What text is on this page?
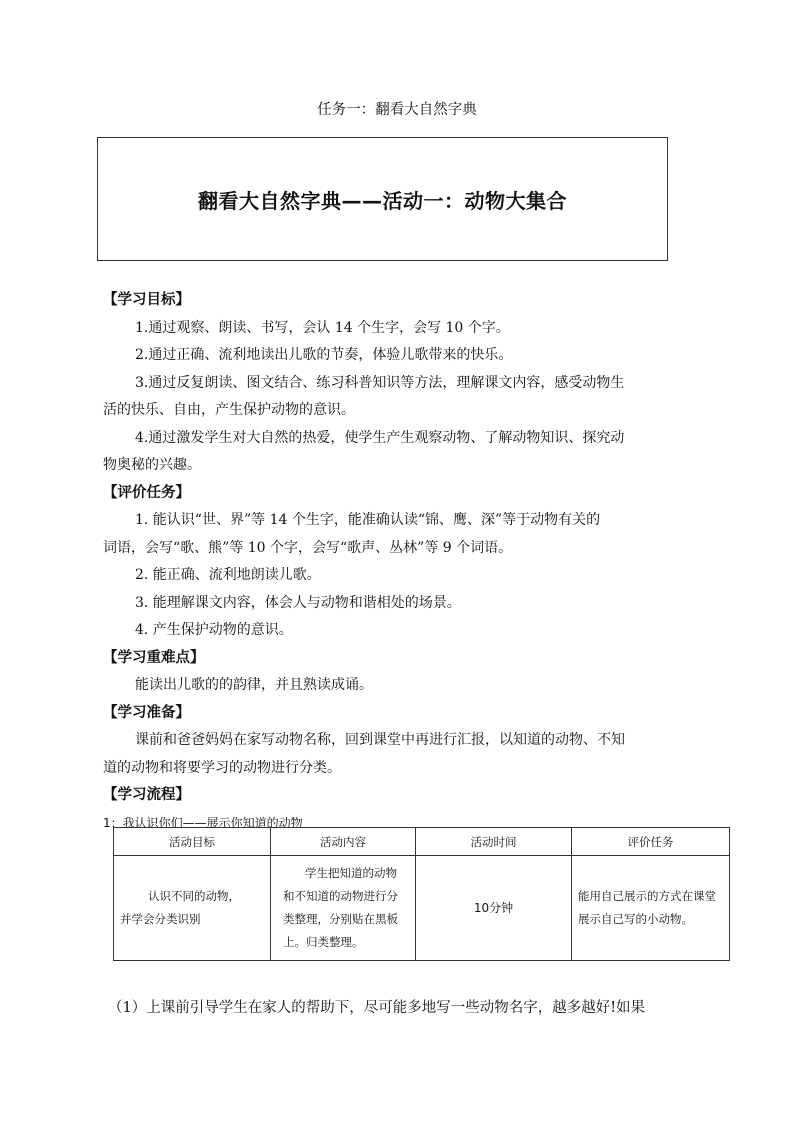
任务一：翻看大自然字典
翻看大自然字典——活动一：动物大集合
【学习目标】
1.通过观察、朗读、书写，会认 14 个生字，会写 10 个字。
2.通过正确、流利地读出儿歌的节奏，体验儿歌带来的快乐。
3.通过反复朗读、图文结合、练习科普知识等方法，理解课文内容，感受动物生
活的快乐、自由，产生保护动物的意识。
4.通过激发学生对大自然的热爱，使学生产生观察动物、了解动物知识、探究动
物奥秘的兴趣。
【评价任务】
1. 能认识“世、界”等 14 个生字，能准确认读“锦、鹰、深”等于动物有关的
词语，会写“歌、熊”等 10 个字，会写“歌声、丛林”等 9 个词语。
2. 能正确、流利地朗读儿歌。
3. 能理解课文内容，体会人与动物和谐相处的场景。
4. 产生保护动物的意识。
【学习重难点】
能读出儿歌的的韵律，并且熟读成诵。
【学习准备】
课前和爸爸妈妈在家写动物名称，回到课堂中再进行汇报，以知道的动物、不知
道的动物和将要学习的动物进行分类。
【学习流程】
1：我认识你们——展示你知道的动物
活动目标	活动内容	活动时间	评价任务

认识不同的动物，
并学会分类识别	学生把知道的动物和不知道的动物进行分类整理，分别贴在黑板上。归类整理。	10分钟	能用自己展示的方式在课堂展示自己写的小动物。
（1）上课前引导学生在家人的帮助下，尽可能多地写一些动物名字，越多越好!如果
